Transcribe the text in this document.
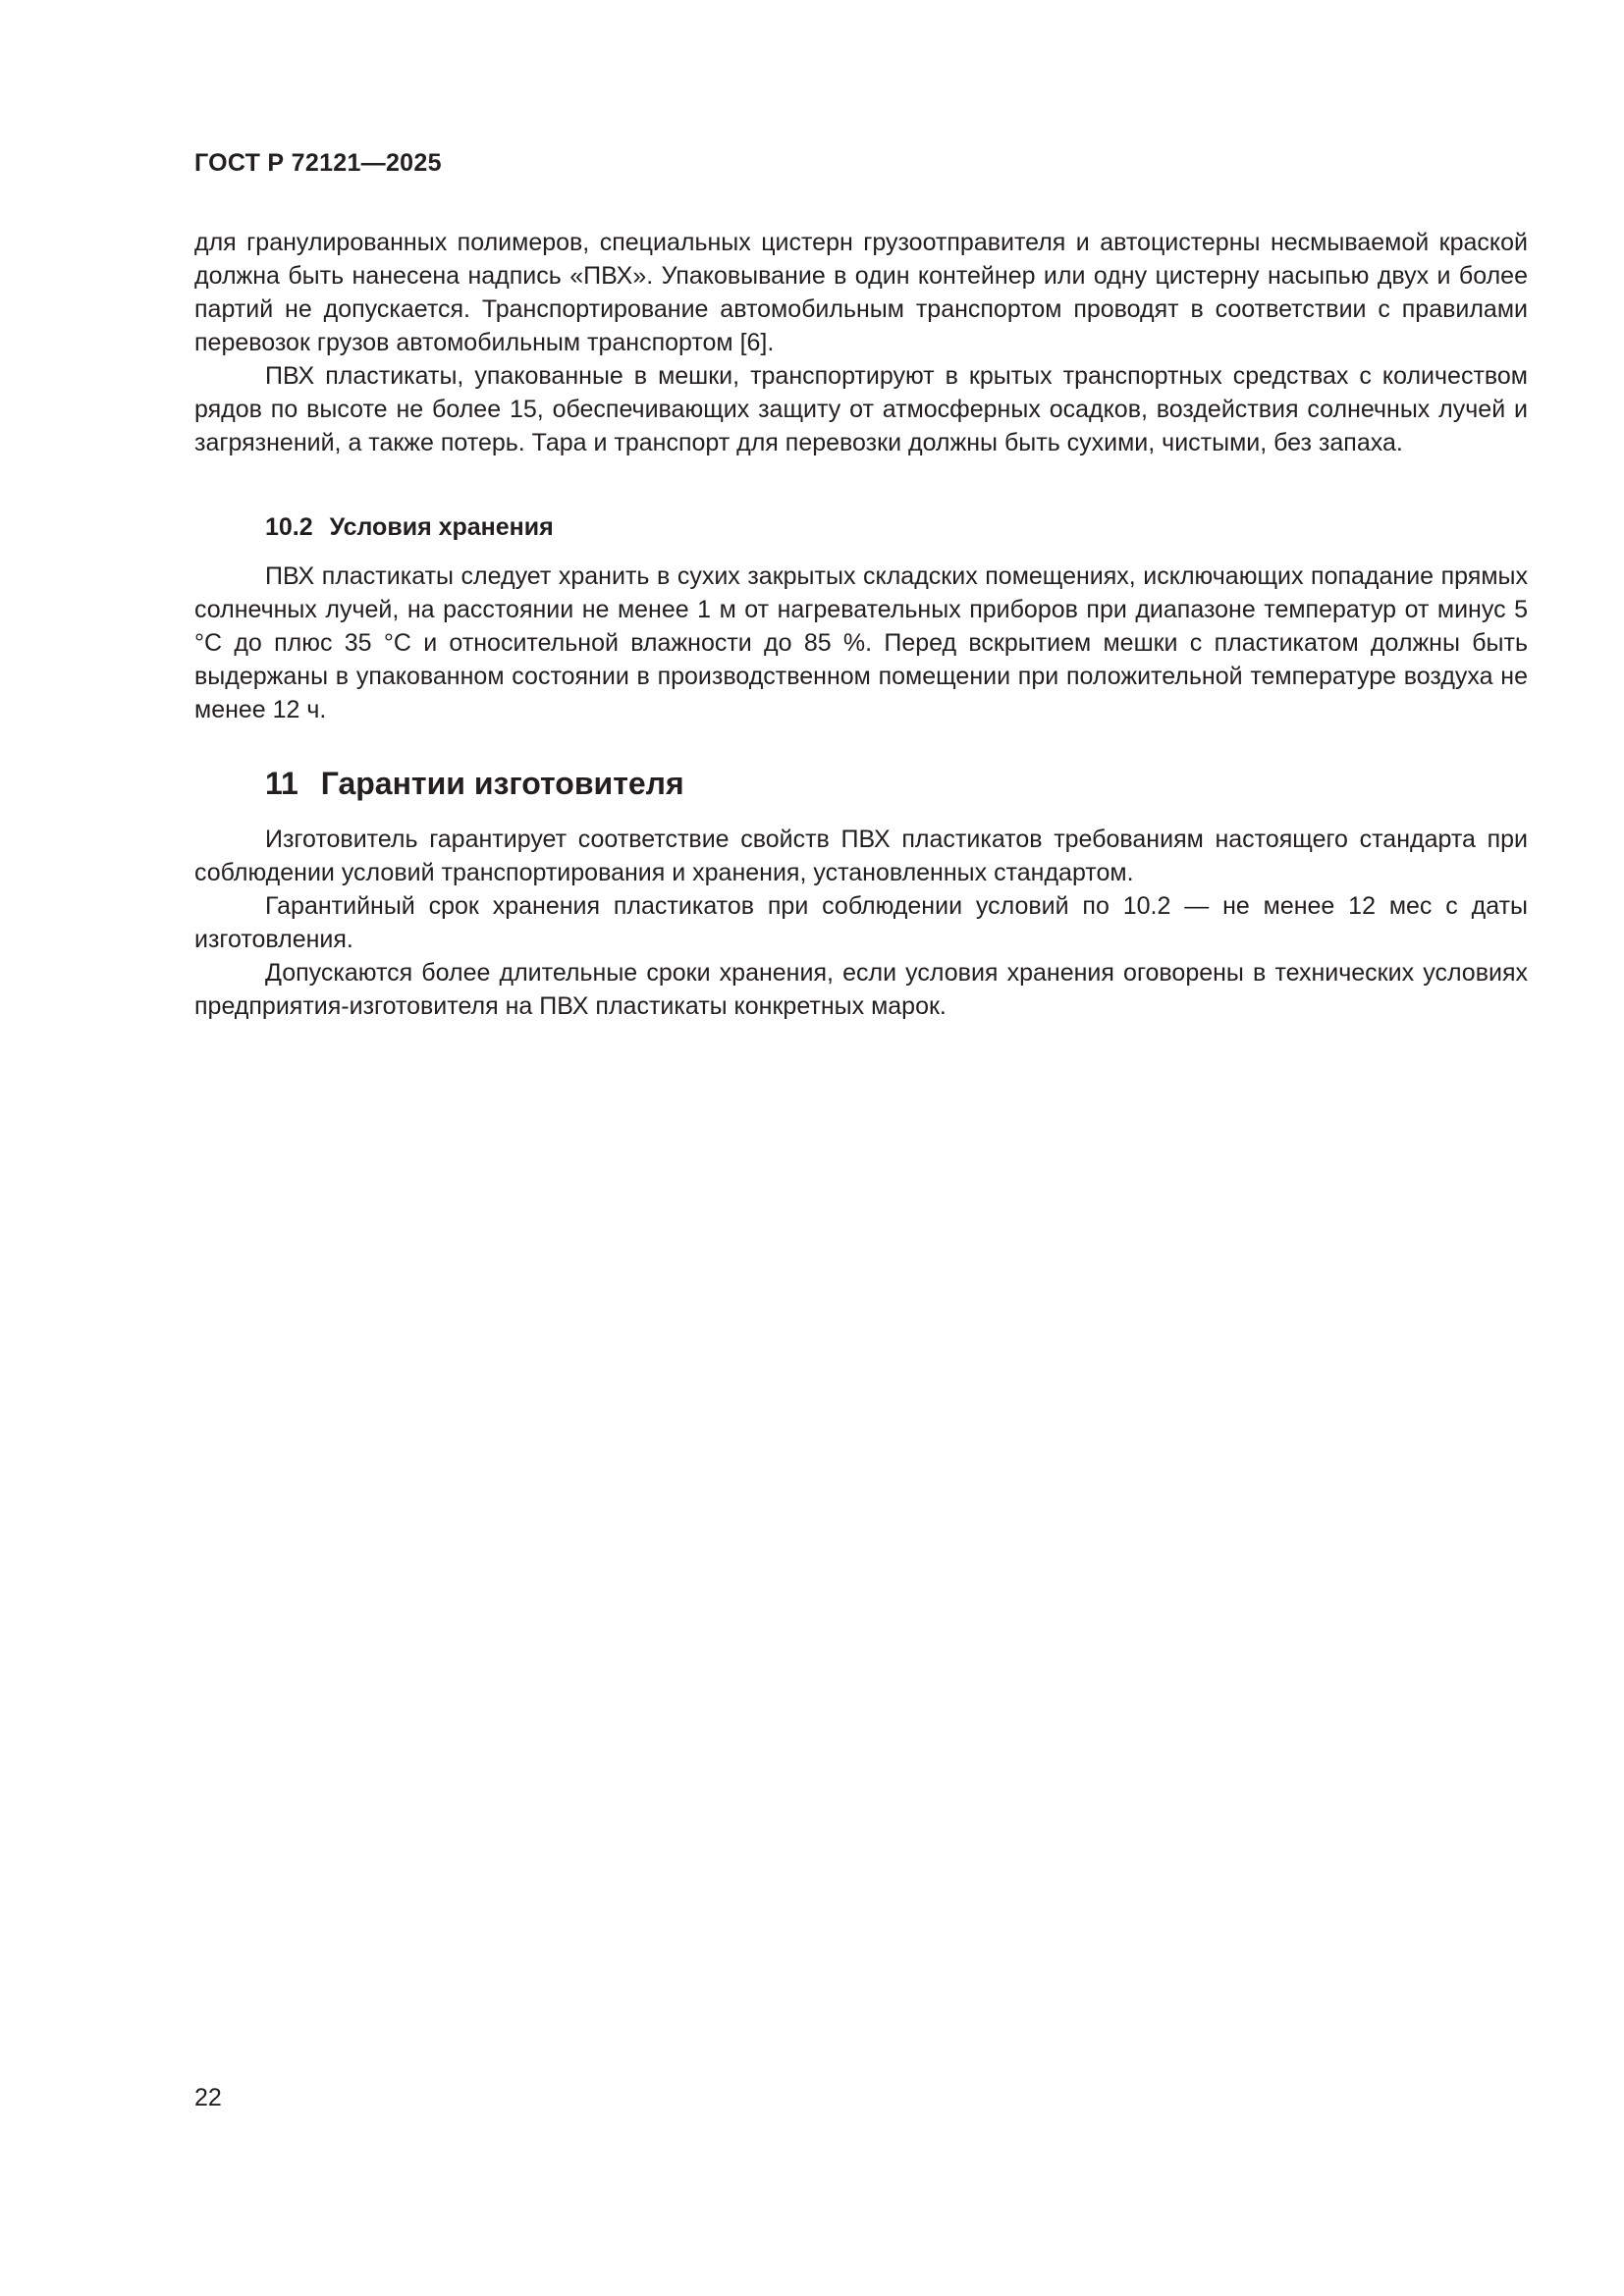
ГОСТ Р 72121—2025

для гранулированных полимеров, специальных цистерн грузоотправителя и автоцистерны несмываемой краской должна быть нанесена надпись «ПВХ». Упаковывание в один контейнер или одну цистерну насыпью двух и более партий не допускается. Транспортирование автомобильным транспортом проводят в соответствии с правилами перевозок грузов автомобильным транспортом [6].

ПВХ пластикаты, упакованные в мешки, транспортируют в крытых транспортных средствах с количеством рядов по высоте не более 15, обеспечивающих защиту от атмосферных осадков, воздействия солнечных лучей и загрязнений, а также потерь. Тара и транспорт для перевозки должны быть сухими, чистыми, без запаха.

10.2 Условия хранения

ПВХ пластикаты следует хранить в сухих закрытых складских помещениях, исключающих попадание прямых солнечных лучей, на расстоянии не менее 1 м от нагревательных приборов при диапазоне температур от минус 5 °С до плюс 35 °С и относительной влажности до 85 %. Перед вскрытием мешки с пластикатом должны быть выдержаны в упакованном состоянии в производственном помещении при положительной температуре воздуха не менее 12 ч.

11 Гарантии изготовителя

Изготовитель гарантирует соответствие свойств ПВХ пластикатов требованиям настоящего стандарта при соблюдении условий транспортирования и хранения, установленных стандартом.

Гарантийный срок хранения пластикатов при соблюдении условий по 10.2 — не менее 12 мес с даты изготовления.

Допускаются более длительные сроки хранения, если условия хранения оговорены в технических условиях предприятия-изготовителя на ПВХ пластикаты конкретных марок.

22
